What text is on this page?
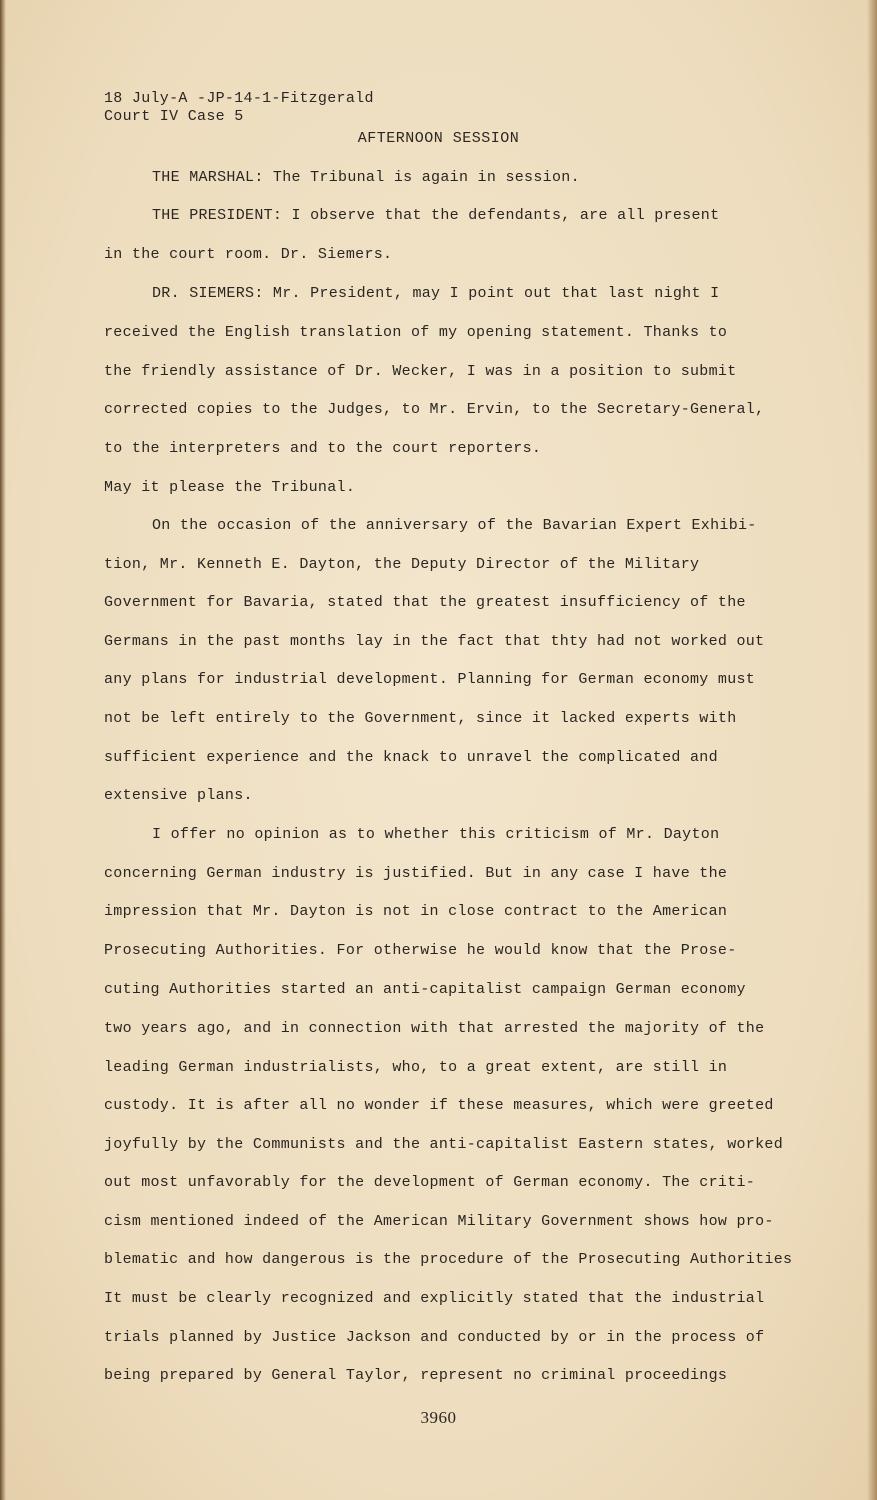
18 July-A -JP-14-1-Fitzgerald
Court IV Case 5
AFTERNOON SESSION
THE MARSHAL: The Tribunal is again in session.
THE PRESIDENT: I observe that the defendants, are all present
in the court room. Dr. Siemers.
DR. SIEMERS: Mr. President, may I point out that last night I
received the English translation of my opening statement. Thanks to
the friendly assistance of Dr. Wecker, I was in a position to submit
corrected copies to the Judges, to Mr. Ervin, to the Secretary-General,
to the interpreters and to the court reporters.
May it please the Tribunal.
On the occasion of the anniversary of the Bavarian Expert Exhibi-
tion, Mr. Kenneth E. Dayton, the Deputy Director of the Military
Government for Bavaria, stated that the greatest insufficiency of the
Germans in the past months lay in the fact that thty had not worked out
any plans for industrial development. Planning for German economy must
not be left entirely to the Government, since it lacked experts with
sufficient experience and the knack to unravel the complicated and
extensive plans.
I offer no opinion as to whether this criticism of Mr. Dayton
concerning German industry is justified. But in any case I have the
impression that Mr. Dayton is not in close contract to the American
Prosecuting Authorities. For otherwise he would know that the Prose-
cuting Authorities started an anti-capitalist campaign German economy
two years ago, and in connection with that arrested the majority of the
leading German industrialists, who, to a great extent, are still in
custody. It is after all no wonder if these measures, which were greeted
joyfully by the Communists and the anti-capitalist Eastern states, worked
out most unfavorably for the development of German economy. The criti-
cism mentioned indeed of the American Military Government shows how pro-
blematic and how dangerous is the procedure of the Prosecuting Authorities
It must be clearly recognized and explicitly stated that the industrial
trials planned by Justice Jackson and conducted by or in the process of
being prepared by General Taylor, represent no criminal proceedings
3960
